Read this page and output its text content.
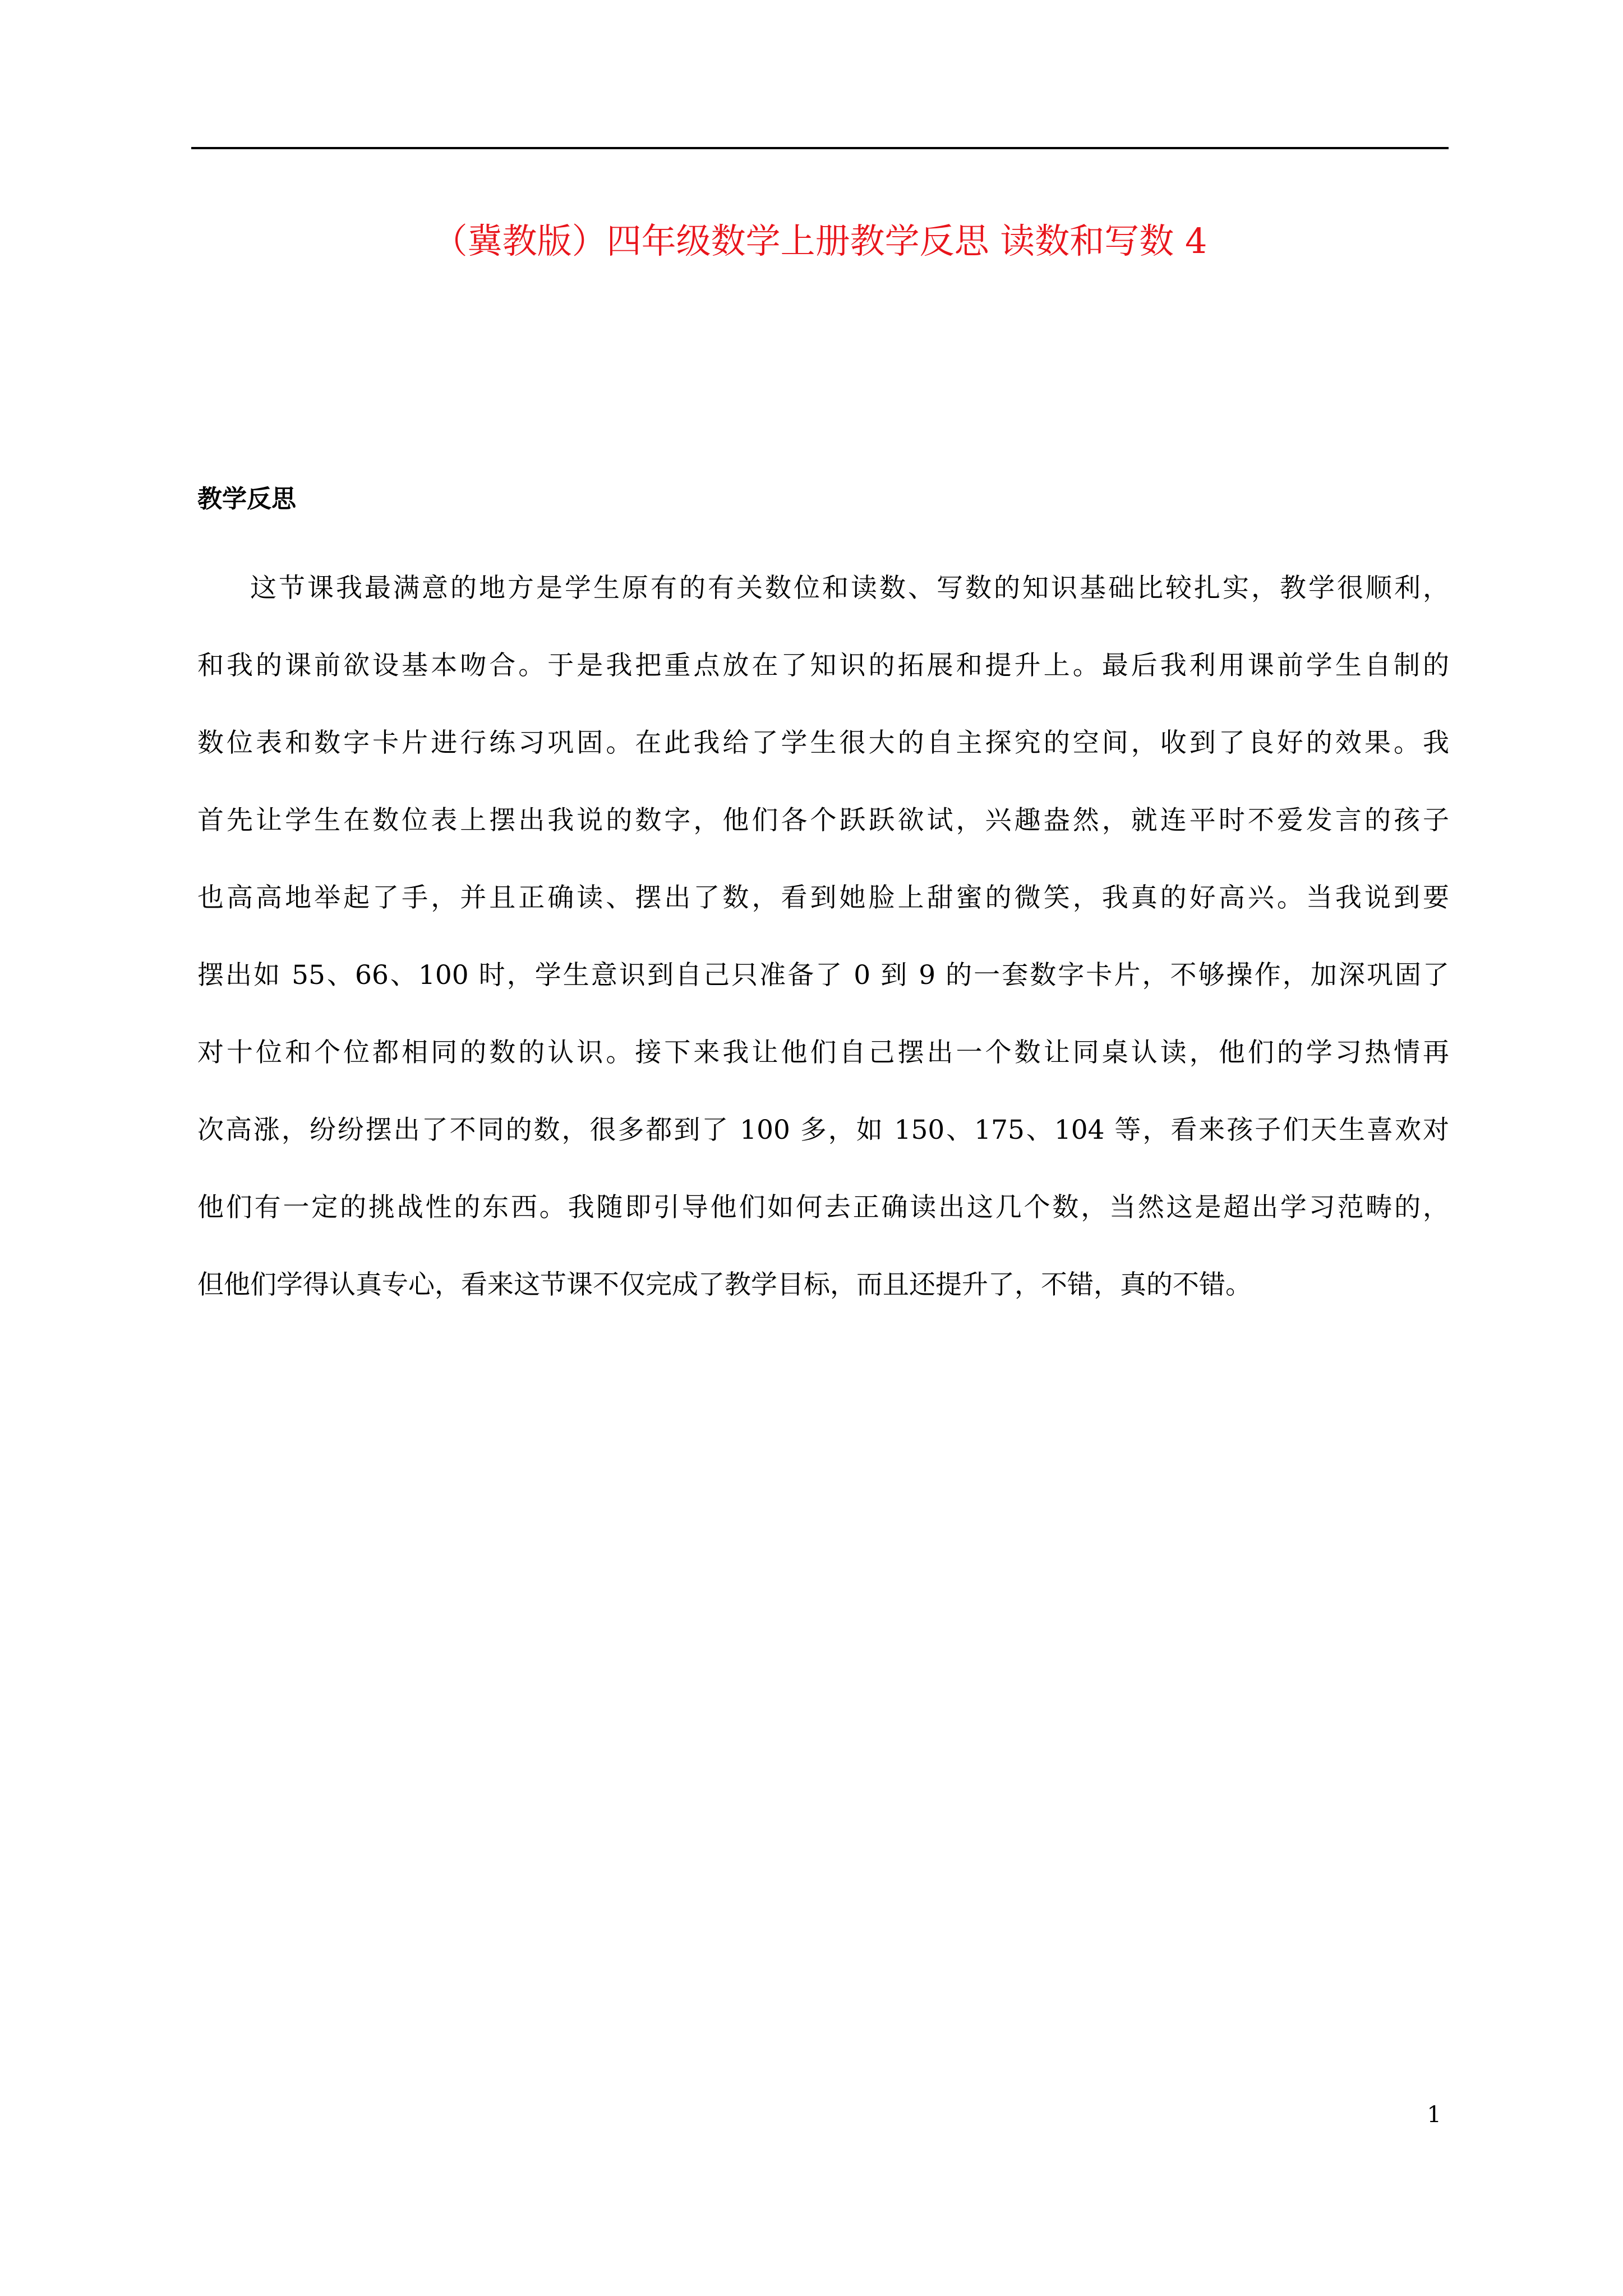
（冀教版）四年级数学上册教学反思 读数和写数 4
教学反思
这节课我最满意的地方是学生原有的有关数位和读数、写数的知识基础比较扎实，教学很顺利，
和我的课前欲设基本吻合。于是我把重点放在了知识的拓展和提升上。最后我利用课前学生自制的
数位表和数字卡片进行练习巩固。在此我给了学生很大的自主探究的空间，收到了良好的效果。我
首先让学生在数位表上摆出我说的数字，他们各个跃跃欲试，兴趣盎然，就连平时不爱发言的孩子
也高高地举起了手，并且正确读、摆出了数，看到她脸上甜蜜的微笑，我真的好高兴。当我说到要
摆出如 55、66、100 时，学生意识到自己只准备了 0 到 9 的一套数字卡片，不够操作，加深巩固了
对十位和个位都相同的数的认识。接下来我让他们自己摆出一个数让同桌认读，他们的学习热情再
次高涨，纷纷摆出了不同的数，很多都到了 100 多，如 150、175、104 等，看来孩子们天生喜欢对
他们有一定的挑战性的东西。我随即引导他们如何去正确读出这几个数，当然这是超出学习范畴的，
但他们学得认真专心，看来这节课不仅完成了教学目标，而且还提升了，不错，真的不错。
1
